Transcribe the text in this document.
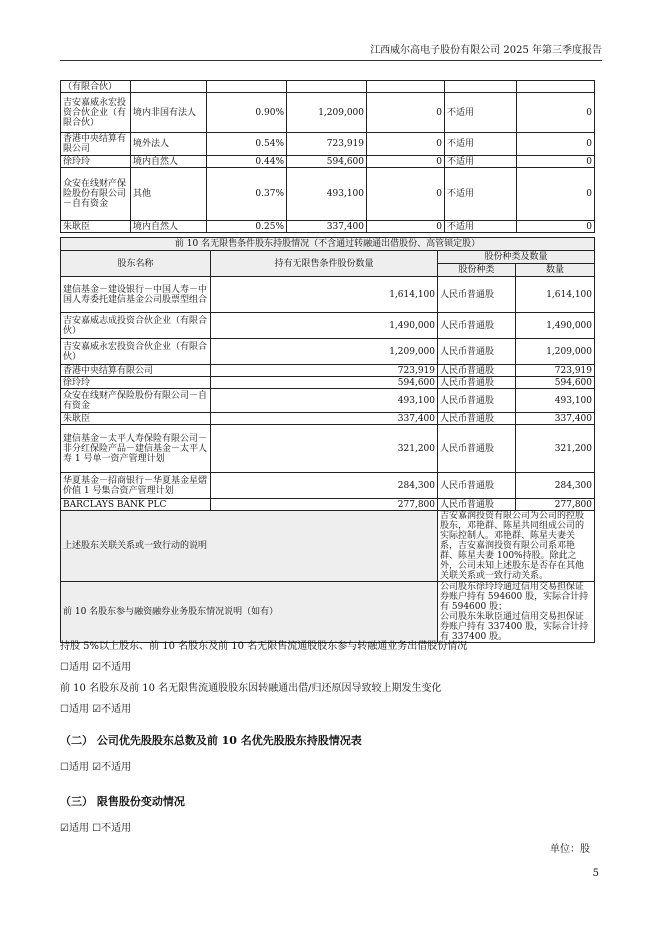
江西威尔高电子股份有限公司 2025 年第三季度报告
（有限合伙）						
吉安嘉威永宏投资合伙企业（有限合伙）	境内非国有法人	0.90%	1,209,000	0	不适用	0
香港中央结算有限公司	境外法人	0.54%	723,919	0	不适用	0
徐玲玲	境内自然人	0.44%	594,600	0	不适用	0
众安在线财产保险股份有限公司－自有资金	其他	0.37%	493,100	0	不适用	0
朱耿臣	境内自然人	0.25%	337,400	0	不适用	0
前 10 名无限售条件股东持股情况（不含通过转融通出借股份、高管锁定股）			
股东名称	持有无限售条件股份数量	股份种类及数量	
		股份种类	数量
建信基金－建设银行－中国人寿－中国人寿委托建信基金公司股票型组合	1,614,100	人民币普通股	1,614,100
吉安嘉威志成投资合伙企业（有限合伙）	1,490,000	人民币普通股	1,490,000
吉安嘉威永宏投资合伙企业（有限合伙）	1,209,000	人民币普通股	1,209,000
香港中央结算有限公司	723,919	人民币普通股	723,919
徐玲玲	594,600	人民币普通股	594,600
众安在线财产保险股份有限公司－自有资金	493,100	人民币普通股	493,100
朱耿臣	337,400	人民币普通股	337,400
建信基金－太平人寿保险有限公司－非分红保险产品－建信基金－太平人寿 1 号单一资产管理计划	321,200	人民币普通股	321,200
华夏基金－招商银行－华夏基金星熠价值 1 号集合资产管理计划	284,300	人民币普通股	284,300
BARCLAYS BANK PLC	277,800	人民币普通股	277,800
上述股东关联关系或一致行动的说明		吉安嘉润投资有限公司为公司的控股股东，邓艳群、陈星共同组成公司的实际控制人。邓艳群、陈星夫妻关系，吉安嘉润投资有限公司系邓艳群、陈星夫妻 100%持股。除此之外，公司未知上述股东是否存在其他关联关系或一致行动关系。	
前 10 名股东参与融资融券业务股东情况说明（如有）		公司股东徐玲玲通过信用交易担保证券账户持有 594600 股，实际合计持有 594600 股；
公司股东朱耿臣通过信用交易担保证券账户持有 337400 股，实际合计持有 337400 股。	
持股 5%以上股东、前 10 名股东及前 10 名无限售流通股股东参与转融通业务出借股份情况
☐适用 ☑不适用
前 10 名股东及前 10 名无限售流通股股东因转融通出借/归还原因导致较上期发生变化
☐适用 ☑不适用
（二） 公司优先股股东总数及前 10 名优先股股东持股情况表
☐适用 ☑不适用
（三） 限售股份变动情况
☑适用 ☐不适用
单位：股
5
